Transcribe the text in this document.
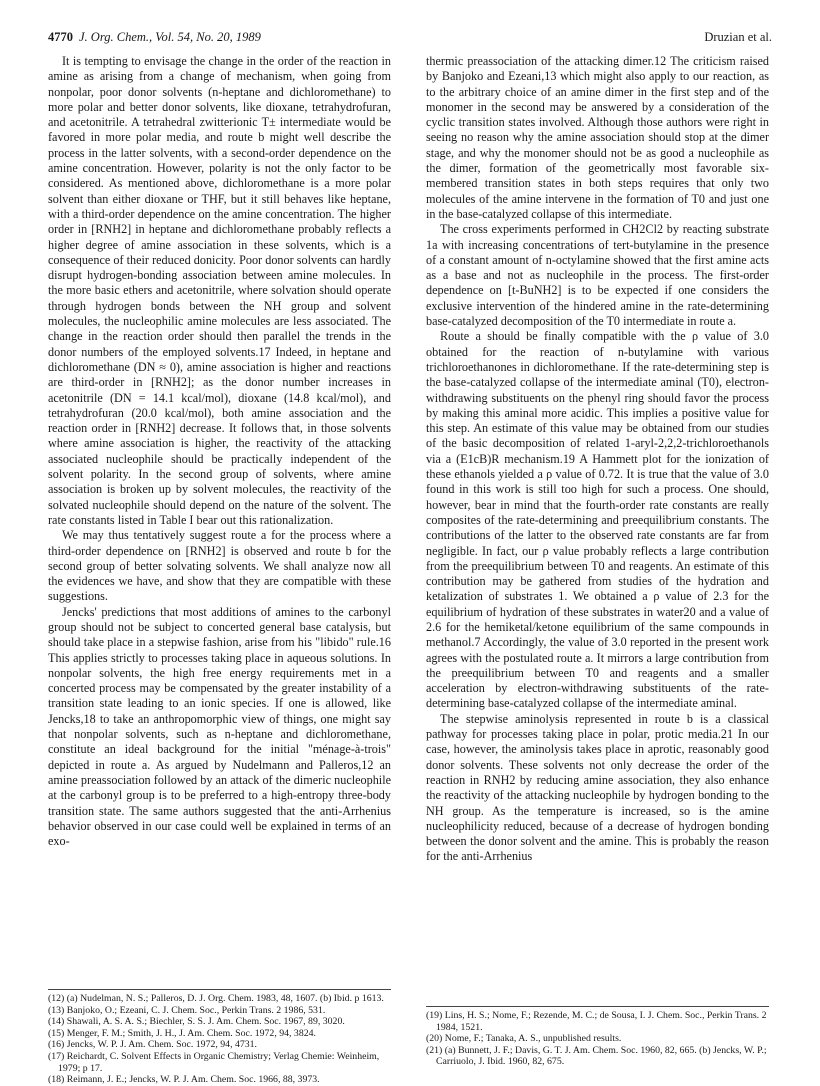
4770 J. Org. Chem., Vol. 54, No. 20, 1989	Druzian et al.

It is tempting to envisage the change in the order of the reaction in amine as arising from a change of mechanism, when going from nonpolar, poor donor solvents (n-heptane and dichloromethane) to more polar and better donor solvents, like dioxane, tetrahydrofuran, and acetonitrile. A tetrahedral zwitterionic T± intermediate would be favored in more polar media, and route b might well describe the process in the latter solvents, with a second-order dependence on the amine concentration. However, polarity is not the only factor to be considered. As mentioned above, dichloromethane is a more polar solvent than either dioxane or THF, but it still behaves like heptane, with a third-order dependence on the amine concentration. The higher order in [RNH2] in heptane and dichloromethane probably reflects a higher degree of amine association in these solvents, which is a consequence of their reduced donicity. Poor donor solvents can hardly disrupt hydrogen-bonding association between amine molecules. In the more basic ethers and acetonitrile, where solvation should operate through hydrogen bonds between the NH group and solvent molecules, the nucleophilic amine molecules are less associated. The change in the reaction order should then parallel the trends in the donor numbers of the employed solvents.17 Indeed, in heptane and dichloromethane (DN ≈ 0), amine association is higher and reactions are third-order in [RNH2]; as the donor number increases in acetonitrile (DN = 14.1 kcal/mol), dioxane (14.8 kcal/mol), and tetrahydrofuran (20.0 kcal/mol), both amine association and the reaction order in [RNH2] decrease. It follows that, in those solvents where amine association is higher, the reactivity of the attacking associated nucleophile should be practically independent of the solvent polarity. In the second group of solvents, where amine association is broken up by solvent molecules, the reactivity of the solvated nucleophile should depend on the nature of the solvent. The rate constants listed in Table I bear out this rationalization.

We may thus tentatively suggest route a for the process where a third-order dependence on [RNH2] is observed and route b for the second group of better solvating solvents. We shall analyze now all the evidences we have, and show that they are compatible with these suggestions.

Jencks' predictions that most additions of amines to the carbonyl group should not be subject to concerted general base catalysis, but should take place in a stepwise fashion, arise from his "libido" rule.16 This applies strictly to processes taking place in aqueous solutions. In nonpolar solvents, the high free energy requirements met in a concerted process may be compensated by the greater instability of a transition state leading to an ionic species. If one is allowed, like Jencks,18 to take an anthropomorphic view of things, one might say that nonpolar solvents, such as n-heptane and dichloromethane, constitute an ideal background for the initial "ménage-à-trois" depicted in route a. As argued by Nudelmann and Palleros,12 an amine preassociation followed by an attack of the dimeric nucleophile at the carbonyl group is to be preferred to a high-entropy three-body transition state. The same authors suggested that the anti-Arrhenius behavior observed in our case could well be explained in terms of an exo-

thermic preassociation of the attacking dimer.12 The criticism raised by Banjoko and Ezeani,13 which might also apply to our reaction, as to the arbitrary choice of an amine dimer in the first step and of the monomer in the second may be answered by a consideration of the cyclic transition states involved. Although those authors were right in seeing no reason why the amine association should stop at the dimer stage, and why the monomer should not be as good a nucleophile as the dimer, formation of the geometrically most favorable six-membered transition states in both steps requires that only two molecules of the amine intervene in the formation of T0 and just one in the base-catalyzed collapse of this intermediate.

The cross experiments performed in CH2Cl2 by reacting substrate 1a with increasing concentrations of tert-butylamine in the presence of a constant amount of n-octylamine showed that the first amine acts as a base and not as nucleophile in the process. The first-order dependence on [t-BuNH2] is to be expected if one considers the exclusive intervention of the hindered amine in the rate-determining base-catalyzed decomposition of the T0 intermediate in route a.

Route a should be finally compatible with the ρ value of 3.0 obtained for the reaction of n-butylamine with various trichloroethanones in dichloromethane. If the rate-determining step is the base-catalyzed collapse of the intermediate aminal (T0), electron-withdrawing substituents on the phenyl ring should favor the process by making this aminal more acidic. This implies a positive value for this step. An estimate of this value may be obtained from our studies of the basic decomposition of related 1-aryl-2,2,2-trichloroethanols via a (E1cB)R mechanism.19 A Hammett plot for the ionization of these ethanols yielded a ρ value of 0.72. It is true that the value of 3.0 found in this work is still too high for such a process. One should, however, bear in mind that the fourth-order rate constants are really composites of the rate-determining and preequilibrium constants. The contributions of the latter to the observed rate constants are far from negligible. In fact, our ρ value probably reflects a large contribution from the preequilibrium between T0 and reagents. An estimate of this contribution may be gathered from studies of the hydration and ketalization of substrates 1. We obtained a ρ value of 2.3 for the equilibrium of hydration of these substrates in water20 and a value of 2.6 for the hemiketal/ketone equilibrium of the same compounds in methanol.7 Accordingly, the value of 3.0 reported in the present work agrees with the postulated route a. It mirrors a large contribution from the preequilibrium between T0 and reagents and a smaller acceleration by electron-withdrawing substituents of the rate-determining base-catalyzed collapse of the intermediate aminal.

The stepwise aminolysis represented in route b is a classical pathway for processes taking place in polar, protic media.21 In our case, however, the aminolysis takes place in aprotic, reasonably good donor solvents. These solvents not only decrease the order of the reaction in RNH2 by reducing amine association, they also enhance the reactivity of the attacking nucleophile by hydrogen bonding to the NH group. As the temperature is increased, so is the amine nucleophilicity reduced, because of a decrease of hydrogen bonding between the donor solvent and the amine. This is probably the reason for the anti-Arrhenius

(12) (a) Nudelman, N. S.; Palleros, D. J. Org. Chem. 1983, 48, 1607. (b) Ibid. p 1613.

(13) Banjoko, O.; Ezeani, C. J. Chem. Soc., Perkin Trans. 2 1986, 531.

(14) Shawali, A. S. A. S.; Biechler, S. S. J. Am. Chem. Soc. 1967, 89, 3020.

(15) Menger, F. M.; Smith, J. H., J. Am. Chem. Soc. 1972, 94, 3824.

(16) Jencks, W. P. J. Am. Chem. Soc. 1972, 94, 4731.

(17) Reichardt, C. Solvent Effects in Organic Chemistry; Verlag Chemie: Weinheim, 1979; p 17.

(18) Reimann, J. E.; Jencks, W. P. J. Am. Chem. Soc. 1966, 88, 3973.

(19) Lins, H. S.; Nome, F.; Rezende, M. C.; de Sousa, I. J. Chem. Soc., Perkin Trans. 2 1984, 1521.

(20) Nome, F.; Tanaka, A. S., unpublished results.

(21) (a) Bunnett, J. F.; Davis, G. T. J. Am. Chem. Soc. 1960, 82, 665. (b) Jencks, W. P.; Carriuolo, J. Ibid. 1960, 82, 675.
